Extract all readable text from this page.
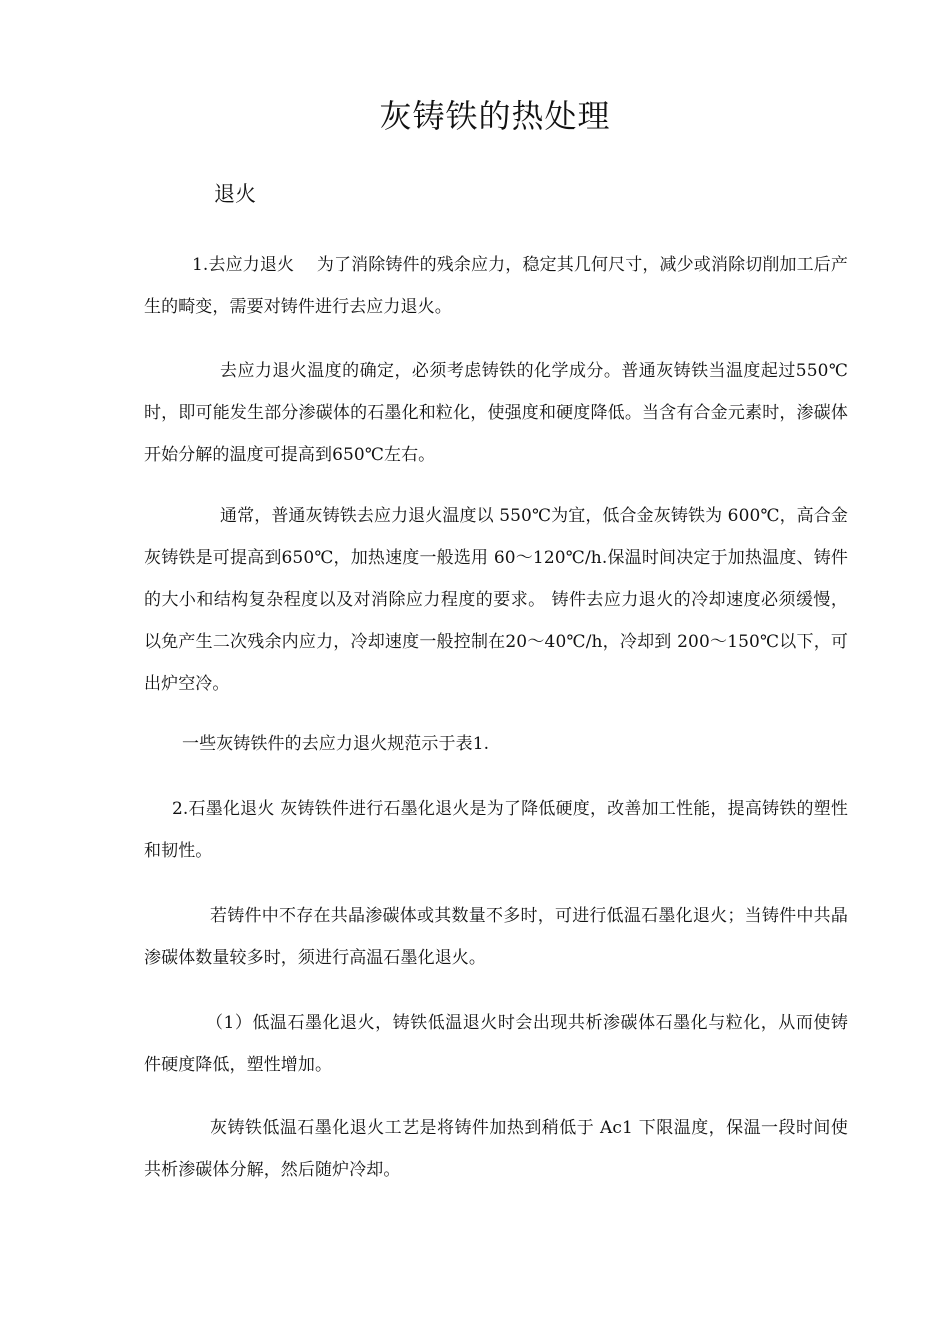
灰铸铁的热处理
退火

1.去应力退火　 为了消除铸件的残余应力，稳定其几何尺寸，减少或消除切削加工后产生的畸变，需要对铸件进行去应力退火。

去应力退火温度的确定，必须考虑铸铁的化学成分。普通灰铸铁当温度起过550℃时，即可能发生部分渗碳体的石墨化和粒化，使强度和硬度降低。当含有合金元素时，渗碳体开始分解的温度可提高到650℃左右。

通常，普通灰铸铁去应力退火温度以 550℃为宜，低合金灰铸铁为 600℃，高合金灰铸铁是可提高到650℃，加热速度一般选用 60～120℃/h.保温时间决定于加热温度、铸件的大小和结构复杂程度以及对消除应力程度的要求。 铸件去应力退火的冷却速度必须缓慢，以免产生二次残余内应力，冷却速度一般控制在20～40℃/h，冷却到 200～150℃以下，可出炉空冷。

一些灰铸铁件的去应力退火规范示于表1.

2.石墨化退火 灰铸铁件进行石墨化退火是为了降低硬度，改善加工性能，提高铸铁的塑性和韧性。

若铸件中不存在共晶渗碳体或其数量不多时，可进行低温石墨化退火；当铸件中共晶渗碳体数量较多时，须进行高温石墨化退火。

（1）低温石墨化退火，铸铁低温退火时会出现共析渗碳体石墨化与粒化，从而使铸件硬度降低，塑性增加。

灰铸铁低温石墨化退火工艺是将铸件加热到稍低于 Ac1 下限温度，保温一段时间使共析渗碳体分解，然后随炉冷却。
